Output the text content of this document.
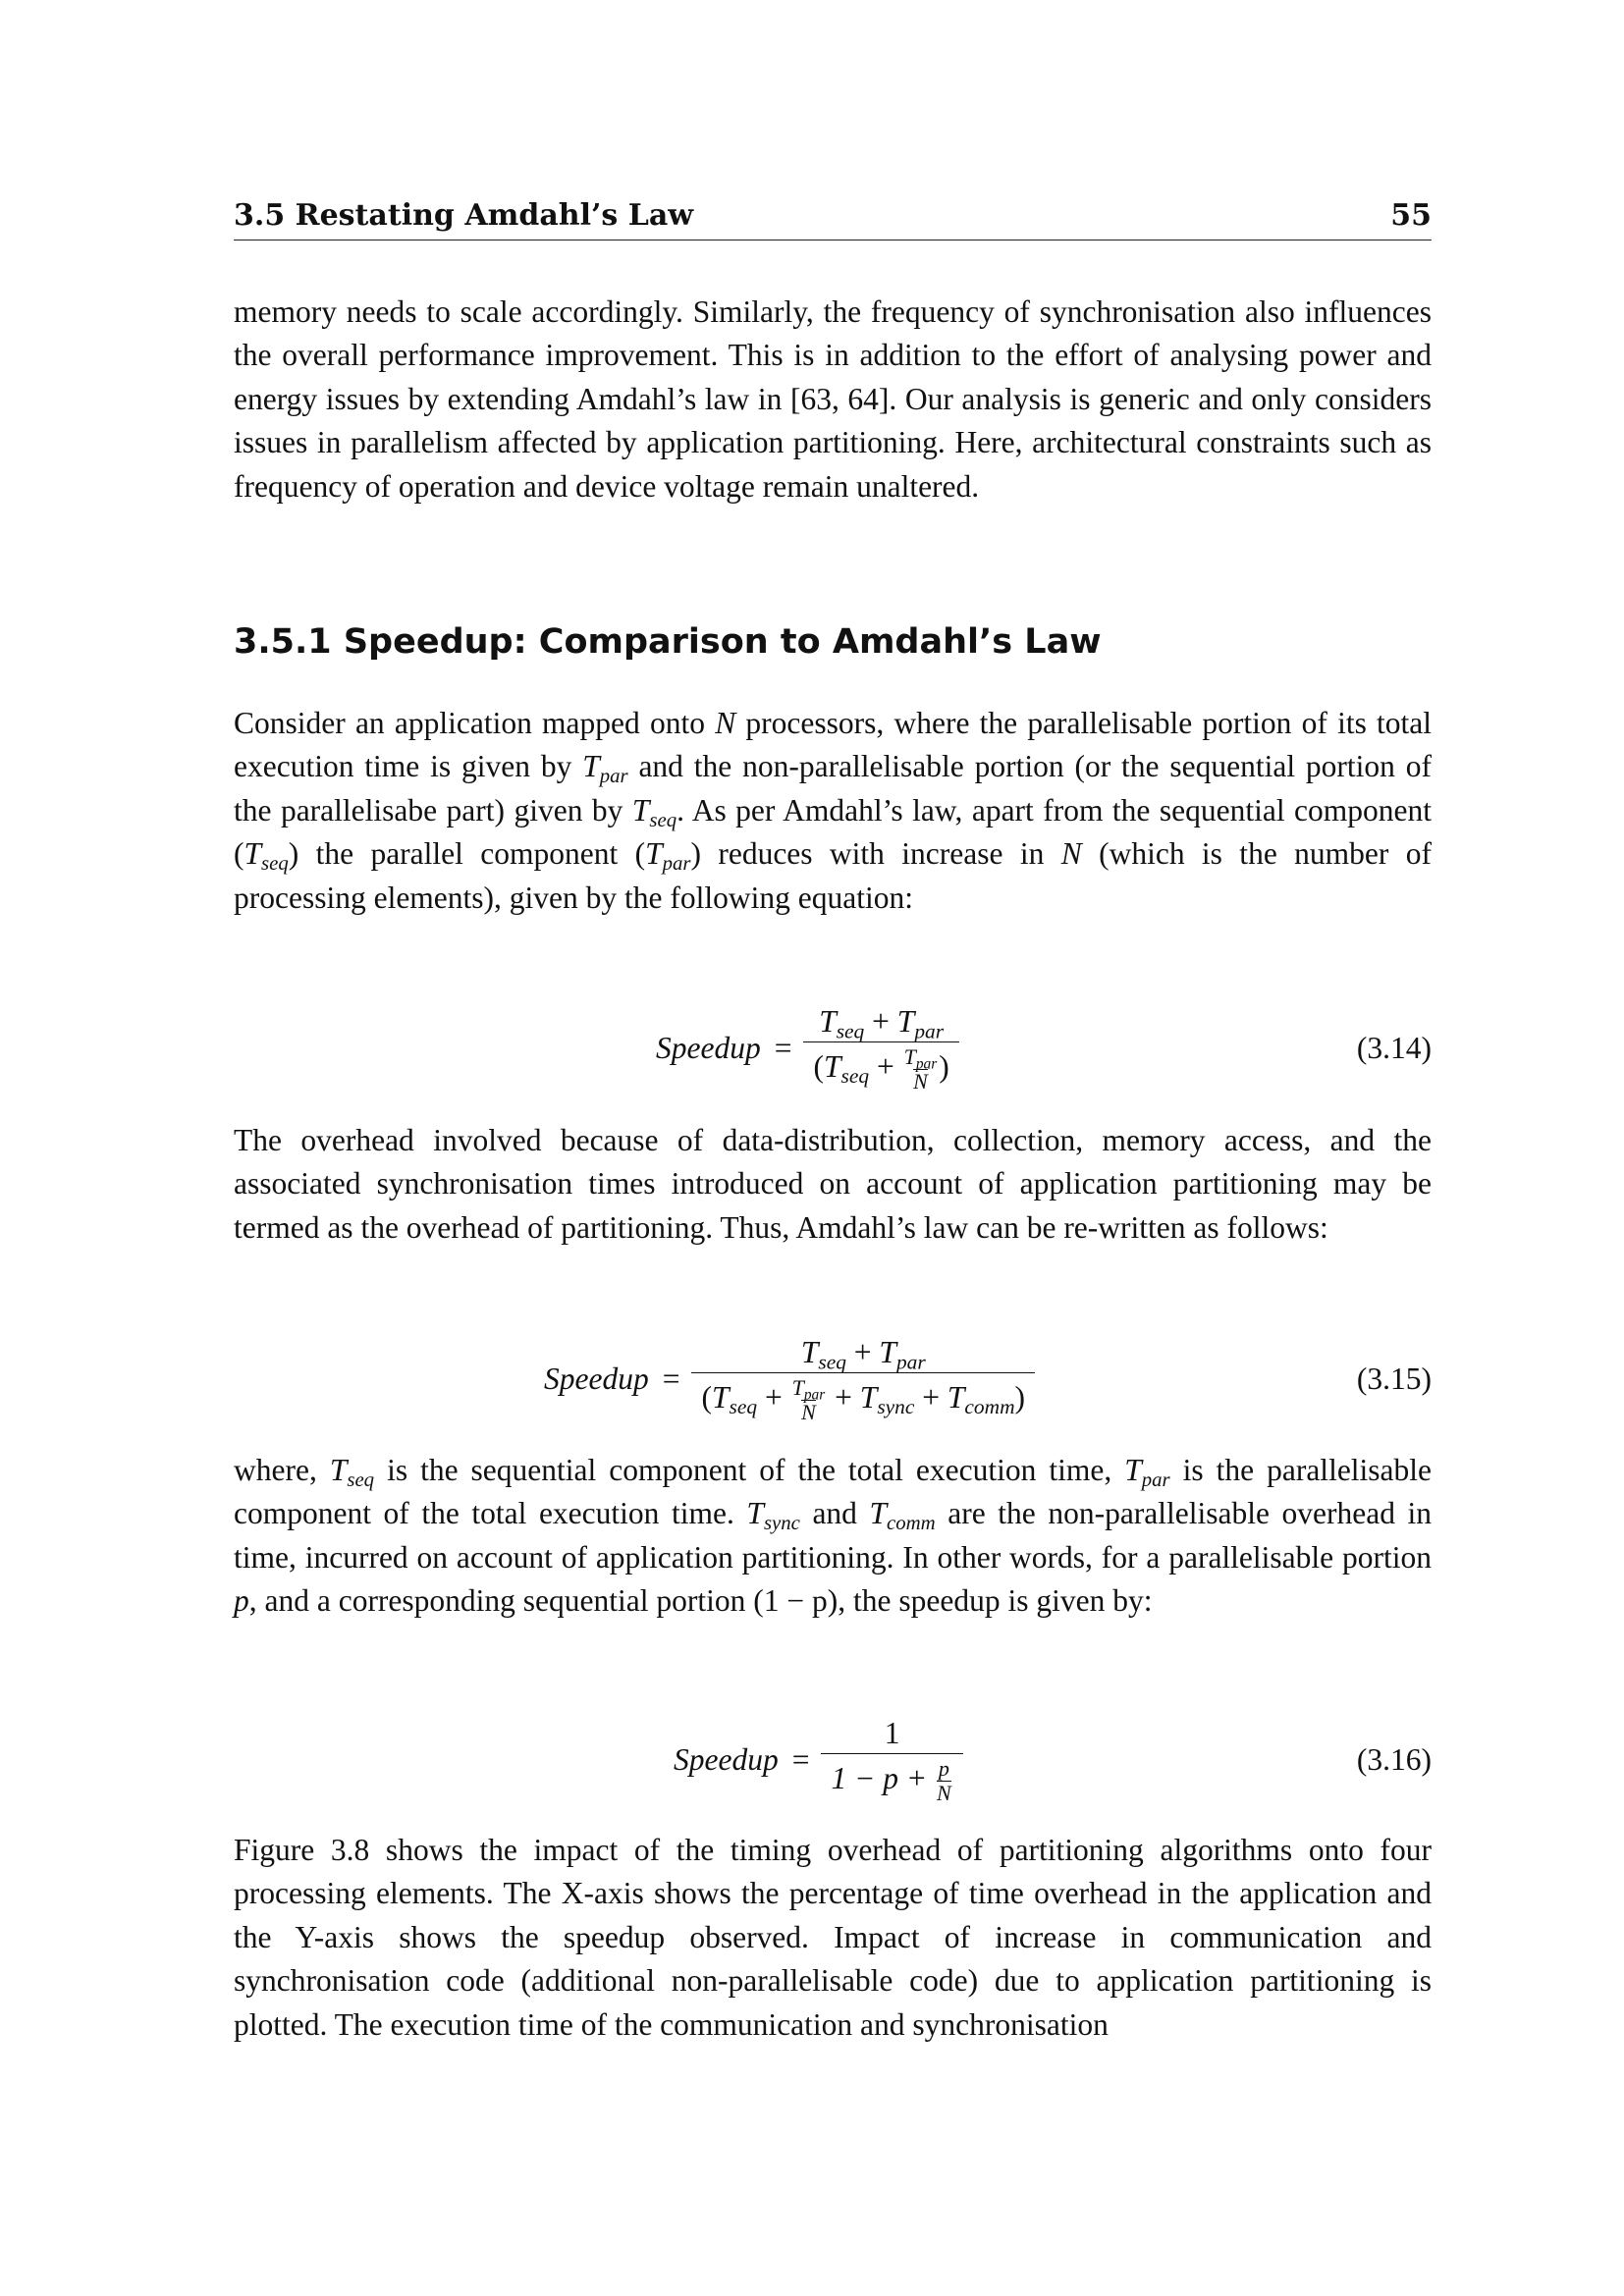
3.5 Restating Amdahl’s Law	55

memory needs to scale accordingly. Similarly, the frequency of synchronisation also influences the overall performance improvement. This is in addition to the effort of analysing power and energy issues by extending Amdahl’s law in [63, 64]. Our analysis is generic and only considers issues in parallelism affected by application partitioning. Here, architectural constraints such as frequency of operation and device voltage remain unaltered.

3.5.1 Speedup: Comparison to Amdahl’s Law

Consider an application mapped onto N processors, where the parallelisable portion of its total execution time is given by $T_{par}$ and the non-parallelisable portion (or the sequential portion of the parallelisabe part) given by $T_{seq}$. As per Amdahl’s law, apart from the sequential component $(T_{seq})$ the parallel component $(T_{par})$ reduces with increase in N (which is the number of processing elements), given by the following equation:

Speedup = $\frac{T_{seq} + T_{par}}{(T_{seq} + \frac{T_{par}}{N} )}$	(3.14)

The overhead involved because of data-distribution, collection, memory access, and the associated synchronisation times introduced on account of application partitioning may be termed as the overhead of partitioning. Thus, Amdahl’s law can be re-written as follows:

Speedup = $\frac{T_{seq} + T_{par}}{(T_{seq} + \frac{T_{par}}{N} + T_{sync} + T_{comm})}$	(3.15)

where, $T_{seq}$ is the sequential component of the total execution time, $T_{par}$ is the parallelisable component of the total execution time. $T_{sync}$ and $T_{comm}$ are the non-parallelisable overhead in time, incurred on account of application partitioning. In other words, for a parallelisable portion p, and a corresponding sequential portion (1 − p), the speedup is given by:

Speedup = $\frac{1}{1 - p + \frac{p}{N}}$	(3.16)

Figure 3.8 shows the impact of the timing overhead of partitioning algorithms onto four processing elements. The X-axis shows the percentage of time overhead in the application and the Y-axis shows the speedup observed. Impact of increase in communication and synchronisation code (additional non-parallelisable code) due to application partitioning is plotted. The execution time of the communication and synchronisation
